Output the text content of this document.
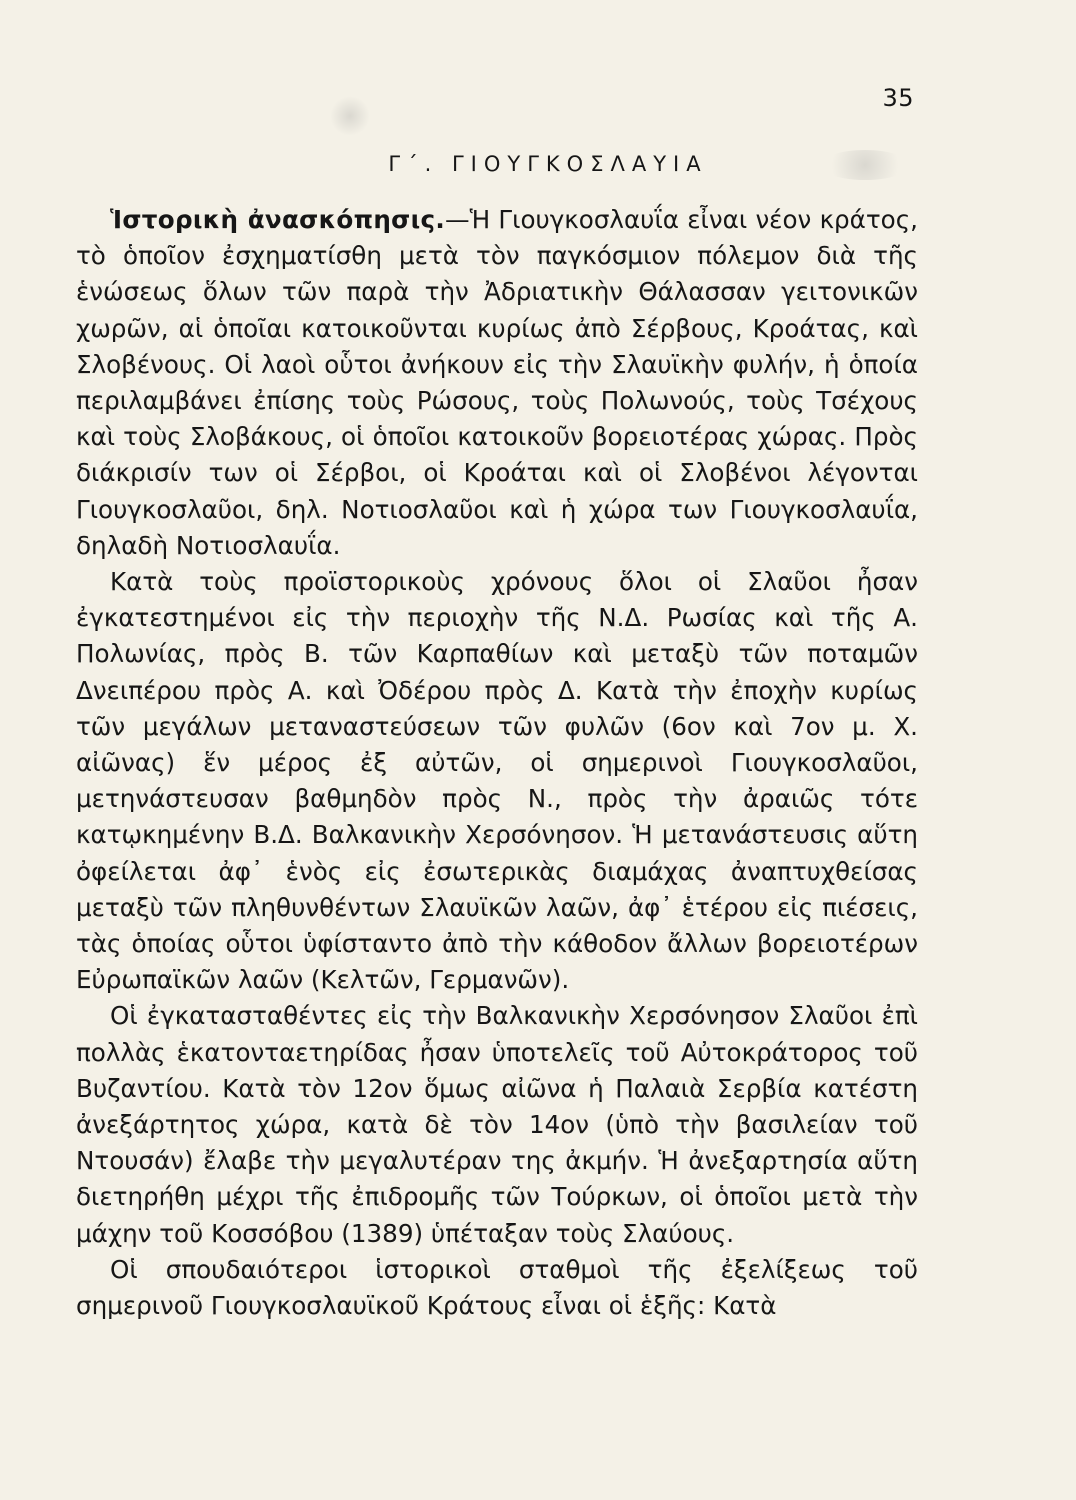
35
Γ΄. ΓΙΟΥΓΚΟΣΛΑΥΙΑ

Ἱστορικὴ ἀνασκόπησις.—Ἡ Γιουγκοσλαυΐα εἶναι νέον κράτος, τὸ ὁποῖον ἐσχηματίσθη μετὰ τὸν παγκόσμιον πόλεμον διὰ τῆς ἑνώσεως ὅλων τῶν παρὰ τὴν Ἀδριατικὴν Θάλασσαν γειτονικῶν χωρῶν, αἱ ὁποῖαι κατοικοῦνται κυρίως ἀπὸ Σέρβους, Κροάτας, καὶ Σλοβένους. Οἱ λαοὶ οὗτοι ἀνήκουν εἰς τὴν Σλαυϊκὴν φυλήν, ἡ ὁποία περιλαμβάνει ἐπίσης τοὺς Ρώσους, τοὺς Πολωνούς, τοὺς Τσέχους καὶ τοὺς Σλοβάκους, οἱ ὁποῖοι κατοικοῦν βορειοτέρας χώρας. Πρὸς διάκρισίν των οἱ Σέρβοι, οἱ Κροάται καὶ οἱ Σλοβένοι λέγονται Γιουγκοσλαῦοι, δηλ. Νοτιοσλαῦοι καὶ ἡ χώρα των Γιουγκοσλαυΐα, δηλαδὴ Νοτιοσλαυΐα.

Κατὰ τοὺς προϊστορικοὺς χρόνους ὅλοι οἱ Σλαῦοι ἦσαν ἐγκατεστημένοι εἰς τὴν περιοχὴν τῆς Ν.Δ. Ρωσίας καὶ τῆς Α. Πολωνίας, πρὸς Β. τῶν Καρπαθίων καὶ μεταξὺ τῶν ποταμῶν Δνειπέρου πρὸς Α. καὶ Ὀδέρου πρὸς Δ. Κατὰ τὴν ἐποχὴν κυρίως τῶν μεγάλων μεταναστεύσεων τῶν φυλῶν (6ον καὶ 7ον μ. Χ. αἰῶνας) ἕν μέρος ἐξ αὐτῶν, οἱ σημερινοὶ Γιουγκοσλαῦοι, μετηνάστευσαν βαθμηδὸν πρὸς Ν., πρὸς τὴν ἀραιῶς τότε κατῳκημένην Β.Δ. Βαλκανικὴν Χερσόνησον. Ἡ μετανάστευσις αὕτη ὀφείλεται ἀφ᾽ ἑνὸς εἰς ἐσωτερικὰς διαμάχας ἀναπτυχθείσας μεταξὺ τῶν πληθυνθέντων Σλαυϊκῶν λαῶν, ἀφ᾽ ἑτέρου εἰς πιέσεις, τὰς ὁποίας οὗτοι ὑφίσταντο ἀπὸ τὴν κάθοδον ἄλλων βορειοτέρων Εὐρωπαϊκῶν λαῶν (Κελτῶν, Γερμανῶν).

Οἱ ἐγκατασταθέντες εἰς τὴν Βαλκανικὴν Χερσόνησον Σλαῦοι ἐπὶ πολλὰς ἑκατονταετηρίδας ἦσαν ὑποτελεῖς τοῦ Αὐτοκράτορος τοῦ Βυζαντίου. Κατὰ τὸν 12ον ὅμως αἰῶνα ἡ Παλαιὰ Σερβία κατέστη ἀνεξάρτητος χώρα, κατὰ δὲ τὸν 14ον (ὑπὸ τὴν βασιλείαν τοῦ Ντουσάν) ἔλαβε τὴν μεγαλυτέραν της ἀκμήν. Ἡ ἀνεξαρτησία αὕτη διετηρήθη μέχρι τῆς ἐπιδρομῆς τῶν Τούρκων, οἱ ὁποῖοι μετὰ τὴν μάχην τοῦ Κοσσόβου (1389) ὑπέταξαν τοὺς Σλαύους.

Οἱ σπουδαιότεροι ἱστορικοὶ σταθμοὶ τῆς ἐξελίξεως τοῦ σημερινοῦ Γιουγκοσλαυϊκοῦ Κράτους εἶναι οἱ ἑξῆς: Κατὰ
